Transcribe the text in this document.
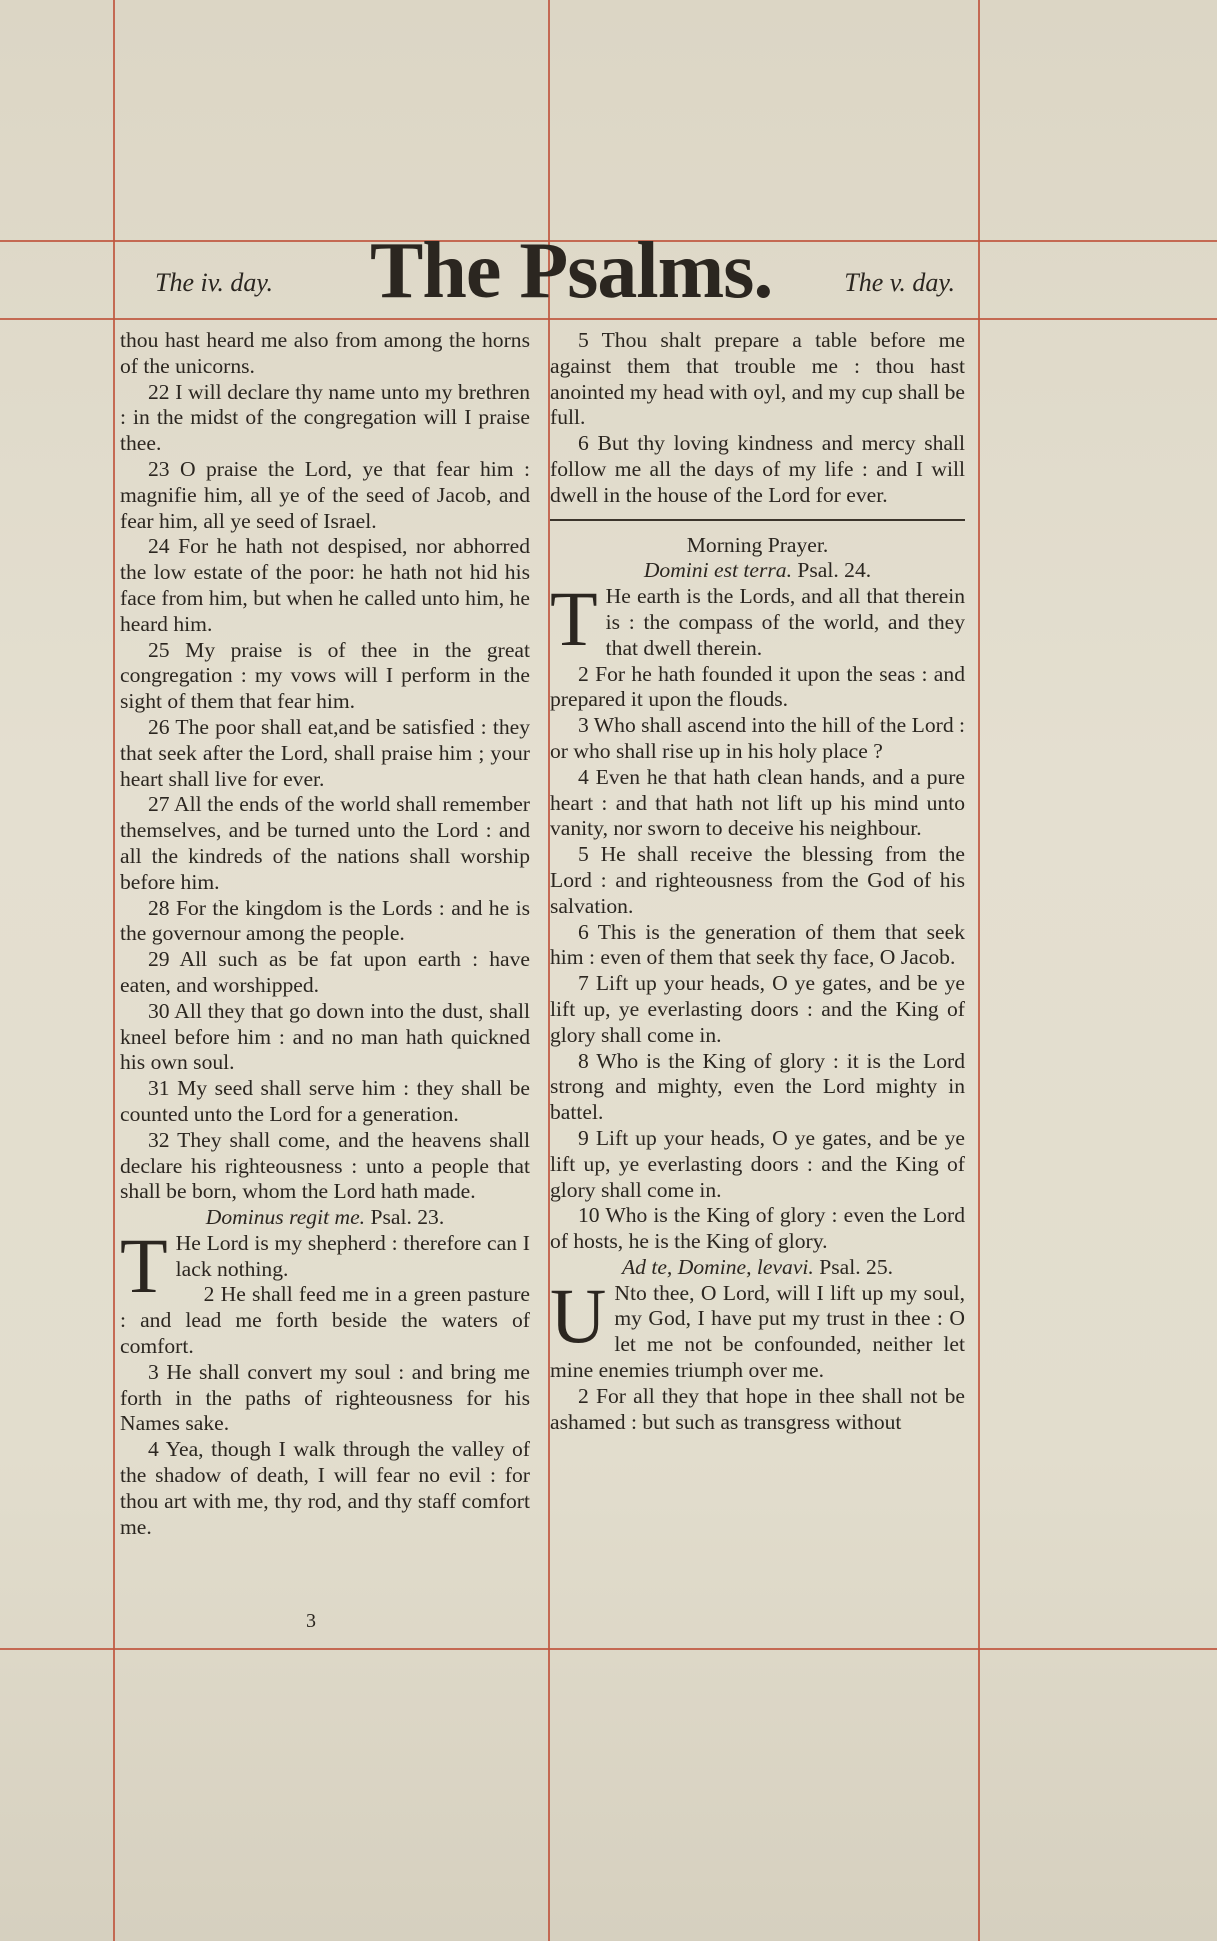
The iv. day. The Psalms.	The v. day.

thou hast heard me also from among the horns of the unicorns.

22 I will declare thy name unto my brethren : in the midst of the congregation will I praise thee.

23 O praise the Lord, ye that fear him : magnifie him, all ye of the seed of Jacob, and fear him, all ye seed of Israel.

24 For he hath not despised, nor abhorred the low estate of the poor: he hath not hid his face from him, but when he called unto him, he heard him.

25 My praise is of thee in the great congregation : my vows will I perform in the sight of them that fear him.

26 The poor shall eat,and be satisfied : they that seek after the Lord, shall praise him ; your heart shall live for ever.

27 All the ends of the world shall remember themselves, and be turned unto the Lord : and all the kindreds of the nations shall worship before him.

28 For the kingdom is the Lords : and he is the governour among the people.

29 All such as be fat upon earth : have eaten, and worshipped.

30 All they that go down into the dust, shall kneel before him : and no man hath quickned his own soul.

31 My seed shall serve him : they shall be counted unto the Lord for a generation.

32 They shall come, and the heavens shall declare his righteousness : unto a people that shall be born, whom the Lord hath made.

Dominus regit me. Psal. 23.

T He Lord is my shepherd : therefore can I lack nothing.

2 He shall feed me in a green pasture : and lead me forth beside the waters of comfort.

3 He shall convert my soul : and bring me forth in the paths of righteousness for his Names sake.

4 Yea, though I walk through the valley of the shadow of death, I will fear no evil : for thou art with me, thy rod, and thy staff comfort me.

5 Thou shalt prepare a table before me against them that trouble me : thou hast anointed my head with oyl, and my cup shall be full.

6 But thy loving kindness and mercy shall follow me all the days of my life : and I will dwell in the house of the Lord for ever.

Morning Prayer.

Domini est terra. Psal. 24.

T He earth is the Lords, and all that therein is : the compass of the world, and they that dwell therein.

2 For he hath founded it upon the seas : and prepared it upon the flouds.

3 Who shall ascend into the hill of the Lord : or who shall rise up in his holy place ?

4 Even he that hath clean hands, and a pure heart : and that hath not lift up his mind unto vanity, nor sworn to deceive his neighbour.

5 He shall receive the blessing from the Lord : and righteousness from the God of his salvation.

6 This is the generation of them that seek him : even of them that seek thy face, O Jacob.

7 Lift up your heads, O ye gates, and be ye lift up, ye everlasting doors : and the King of glory shall come in.

8 Who is the King of glory : it is the Lord strong and mighty, even the Lord mighty in battel.

9 Lift up your heads, O ye gates, and be ye lift up, ye everlasting doors : and the King of glory shall come in.

10 Who is the King of glory : even the Lord of hosts, he is the King of glory.

Ad te, Domine, levavi. Psal. 25.

U Nto thee, O Lord, will I lift up my soul, my God, I have put my trust in thee : O let me not be confounded, neither let mine enemies triumph over me.

2 For all they that hope in thee shall not be ashamed : but such as transgress without

3
